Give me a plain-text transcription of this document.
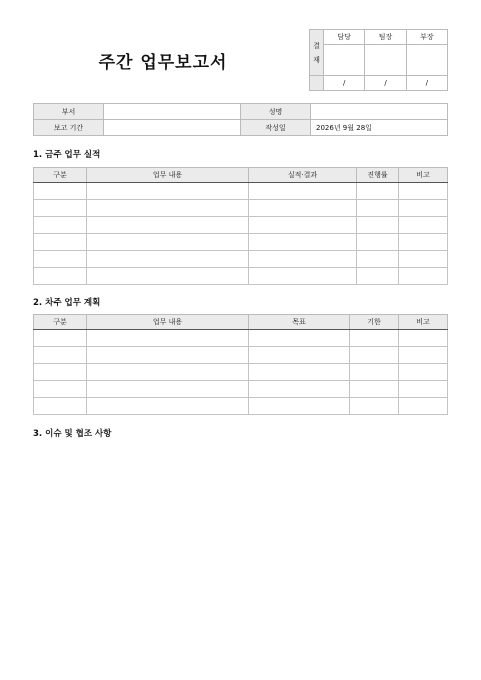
주간 업무보고서
결
재	담당	팀장	부장

	/	/	/
부서		성명	
보고 기간		작성일	2026년 9월 28일
1. 금주 업무 실적
구분	업무 내용	실적·결과	진행률	비고

2. 차주 업무 계획
구분	업무 내용	목표	기한	비고

3. 이슈 및 협조 사항
